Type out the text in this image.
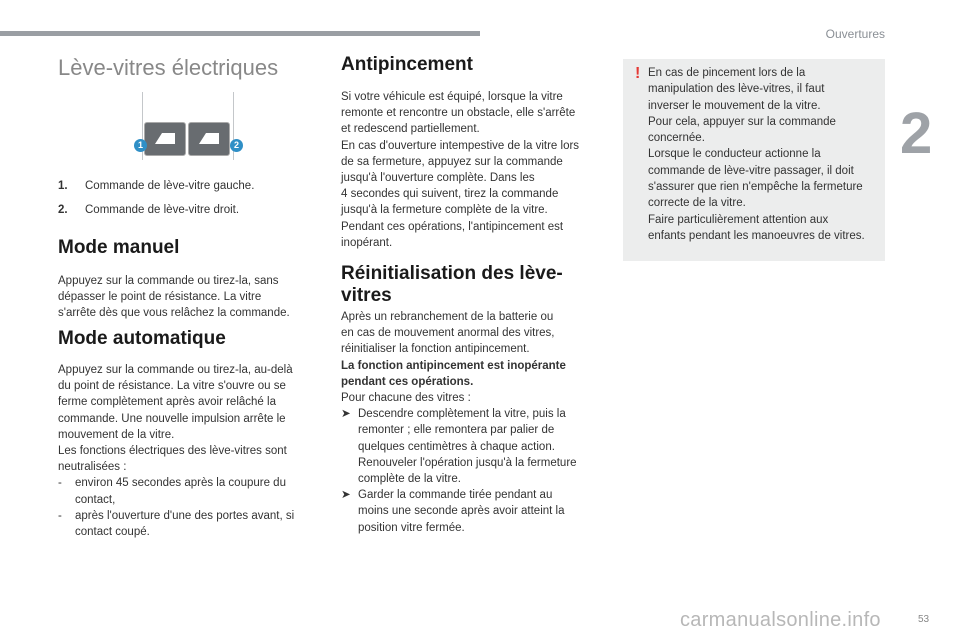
Ouvertures
2
Lève-vitres électriques
1	2
1. Commande de lève-vitre gauche.
2. Commande de lève-vitre droit.
Mode manuel

Appuyez sur la commande ou tirez-la, sans

dépasser le point de résistance. La vitre

s'arrête dès que vous relâchez la commande.

Mode automatique

Appuyez sur la commande ou tirez-la, au-delà

du point de résistance. La vitre s'ouvre ou se

ferme complètement après avoir relâché la

commande. Une nouvelle impulsion arrête le

mouvement de la vitre.

Les fonctions électriques des lève-vitres sont

neutralisées :

-	environ 45 secondes après la coupure du

contact,

-	après l'ouverture d'une des portes avant, si

contact coupé.

Antipincement

Si votre véhicule est équipé, lorsque la vitre

remonte et rencontre un obstacle, elle s'arrête

et redescend partiellement.

En cas d'ouverture intempestive de la vitre lors

de sa fermeture, appuyez sur la commande

jusqu'à l'ouverture complète. Dans les

4 secondes qui suivent, tirez la commande

jusqu'à la fermeture complète de la vitre.

Pendant ces opérations, l'antipincement est

inopérant.

Réinitialisation des lève-
vitres

Après un rebranchement de la batterie ou

en cas de mouvement anormal des vitres,

réinitialiser la fonction antipincement.

La fonction antipincement est inopérante

pendant ces opérations.

Pour chacune des vitres :

➤ Descendre complètement la vitre, puis la

remonter ; elle remontera par palier de

quelques centimètres à chaque action.

Renouveler l'opération jusqu'à la fermeture

complète de la vitre.

➤ Garder la commande tirée pendant au

moins une seconde après avoir atteint la

position vitre fermée.

! En cas de pincement lors de la

manipulation des lève-vitres, il faut

inverser le mouvement de la vitre.

Pour cela, appuyer sur la commande

concernée.

Lorsque le conducteur actionne la

commande de lève-vitre passager, il doit

s'assurer que rien n'empêche la fermeture

correcte de la vitre.

Faire particulièrement attention aux

enfants pendant les manoeuvres de vitres.

carmanualsonline.info	53
